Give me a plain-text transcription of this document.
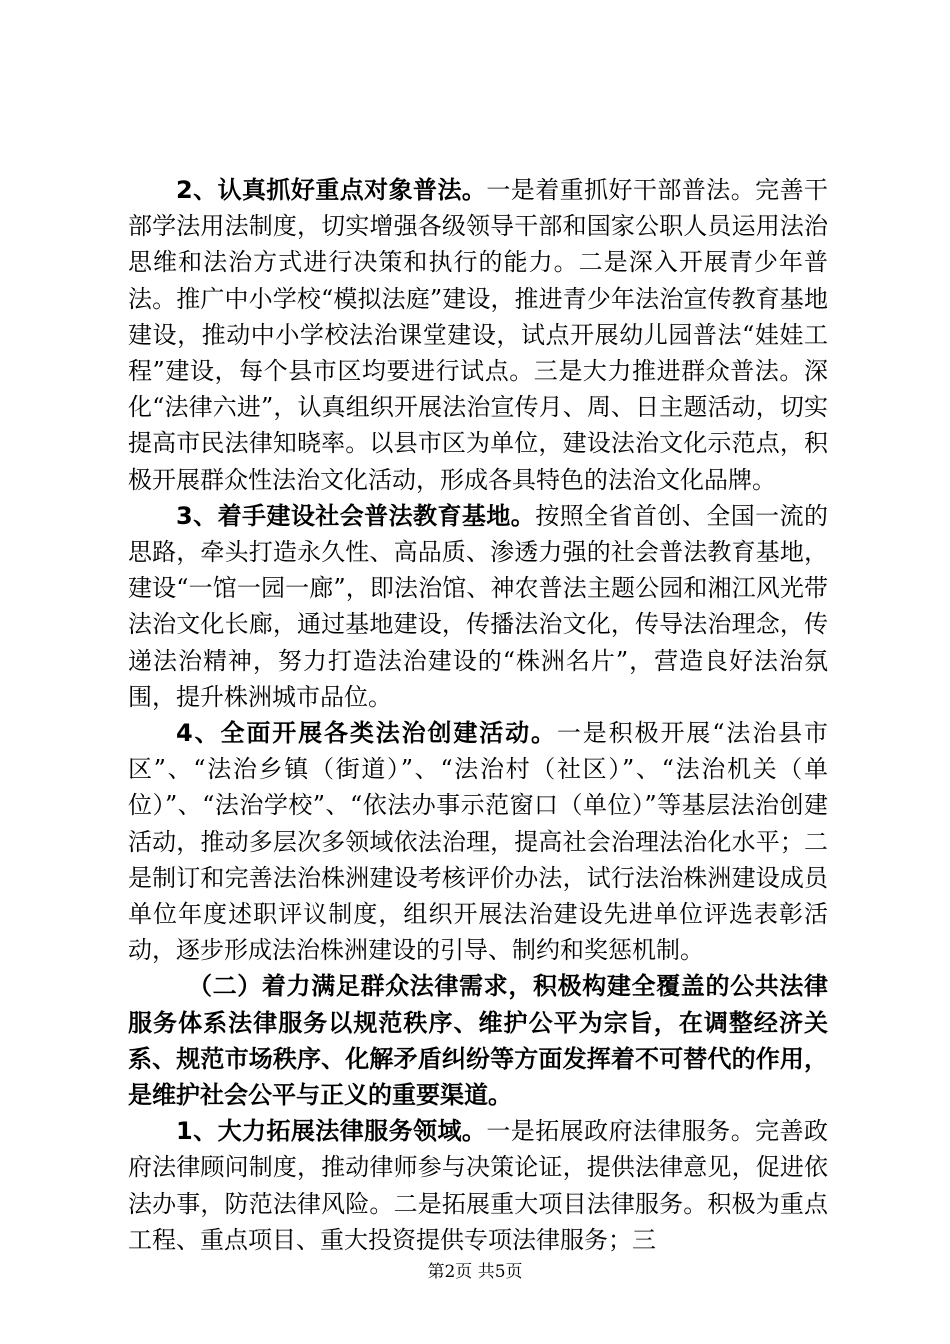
2、认真抓好重点对象普法。一是着重抓好干部普法。完善干部学法用法制度，切实增强各级领导干部和国家公职人员运用法治思维和法治方式进行决策和执行的能力。二是深入开展青少年普法。推广中小学校“模拟法庭”建设，推进青少年法治宣传教育基地建设，推动中小学校法治课堂建设，试点开展幼儿园普法“娃娃工程”建设，每个县市区均要进行试点。三是大力推进群众普法。深化“法律六进”，认真组织开展法治宣传月、周、日主题活动，切实提高市民法律知晓率。以县市区为单位，建设法治文化示范点，积极开展群众性法治文化活动，形成各具特色的法治文化品牌。

3、着手建设社会普法教育基地。按照全省首创、全国一流的思路，牵头打造永久性、高品质、渗透力强的社会普法教育基地，建设“一馆一园一廊”，即法治馆、神农普法主题公园和湘江风光带法治文化长廊，通过基地建设，传播法治文化，传导法治理念，传递法治精神，努力打造法治建设的“株洲名片”，营造良好法治氛围，提升株洲城市品位。

4、全面开展各类法治创建活动。一是积极开展“法治县市区”、“法治乡镇（街道）”、“法治村（社区）”、“法治机关（单位）”、“法治学校”、“依法办事示范窗口（单位）”等基层法治创建活动，推动多层次多领域依法治理，提高社会治理法治化水平；二是制订和完善法治株洲建设考核评价办法，试行法治株洲建设成员单位年度述职评议制度，组织开展法治建设先进单位评选表彰活动，逐步形成法治株洲建设的引导、制约和奖惩机制。

（二）着力满足群众法律需求，积极构建全覆盖的公共法律服务体系法律服务以规范秩序、维护公平为宗旨，在调整经济关系、规范市场秩序、化解矛盾纠纷等方面发挥着不可替代的作用，是维护社会公平与正义的重要渠道。

1、大力拓展法律服务领域。一是拓展政府法律服务。完善政府法律顾问制度，推动律师参与决策论证，提供法律意见，促进依法办事，防范法律风险。二是拓展重大项目法律服务。积极为重点工程、重点项目、重大投资提供专项法律服务；三

第2页 共5页
